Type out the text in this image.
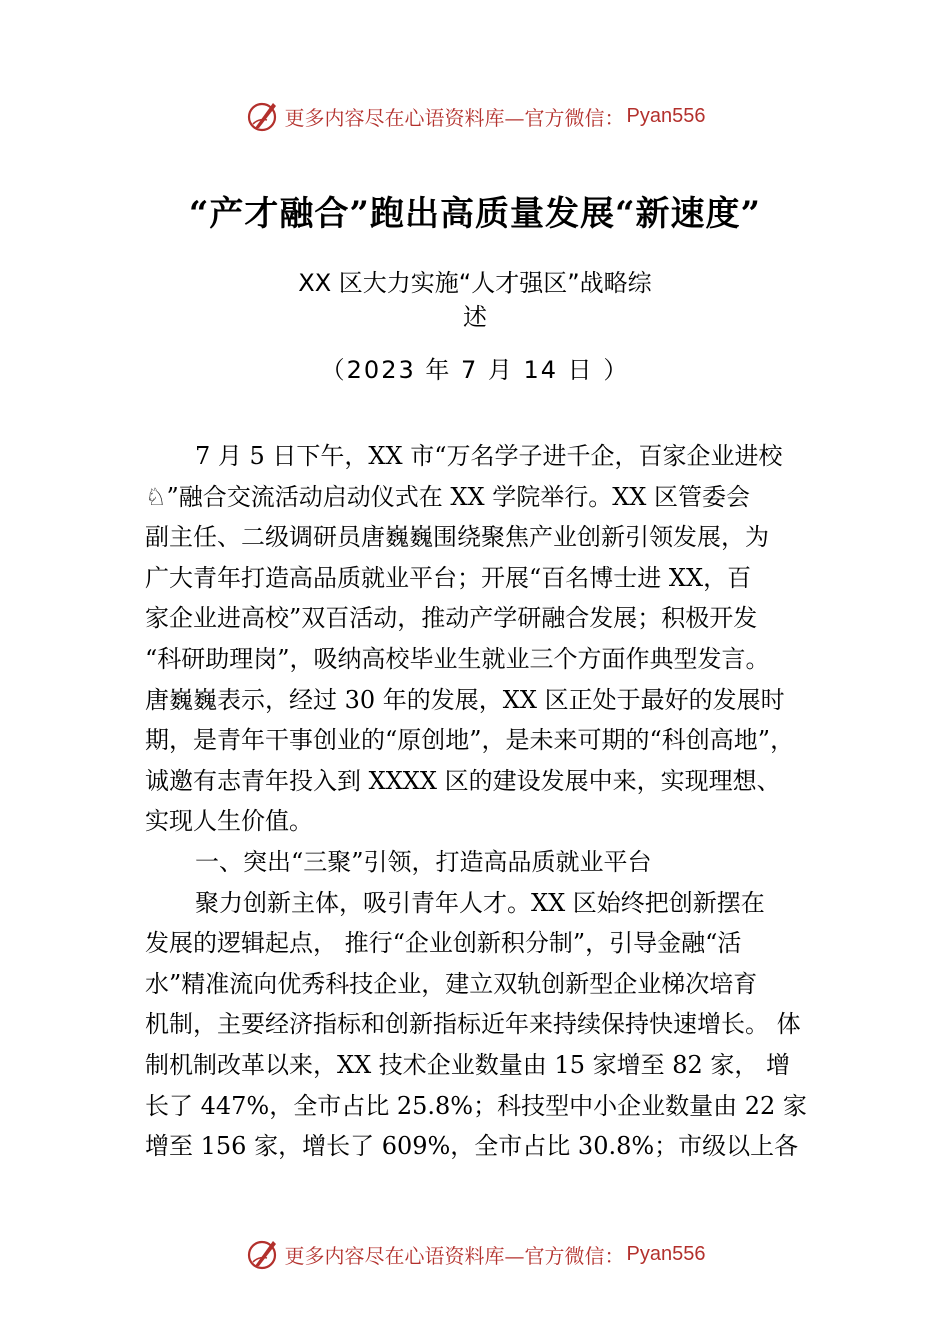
更多内容尽在心语资料库—官方微信： Pyan556
“产才融合”跑出高质量发展“新速度”
XX 区大力实施“人才强区”战略综
述
（2023 年 7 月 14 日 ）
7 月 5 日下午，XX 市“万名学子进千企，百家企业进校
♘”融合交流活动启动仪式在 XX 学院举行。XX 区管委会
副主任、二级调研员唐巍巍围绕聚焦产业创新引领发展，为
广大青年打造高品质就业平台；开展“百名博士进 XX，百
家企业进高校”双百活动，推动产学研融合发展；积极开发
“科研助理岗”，吸纳高校毕业生就业三个方面作典型发言。
唐巍巍表示，经过 30 年的发展，XX 区正处于最好的发展时
期，是青年干事创业的“原创地”，是未来可期的“科创高地”，
诚邀有志青年投入到 XXXX 区的建设发展中来，实现理想、
实现人生价值。
一、突出“三聚”引领，打造高品质就业平台
聚力创新主体，吸引青年人才。XX 区始终把创新摆在
发展的逻辑起点， 推行“企业创新积分制”，引导金融“活
水”精准流向优秀科技企业，建立双轨创新型企业梯次培育
机制，主要经济指标和创新指标近年来持续保持快速增长。 体
制机制改革以来，XX 技术企业数量由 15 家增至 82 家， 增
长了 447%，全市占比 25.8%；科技型中小企业数量由 22 家
增至 156 家，增长了 609%，全市占比 30.8%；市级以上各
更多内容尽在心语资料库—官方微信： Pyan556
